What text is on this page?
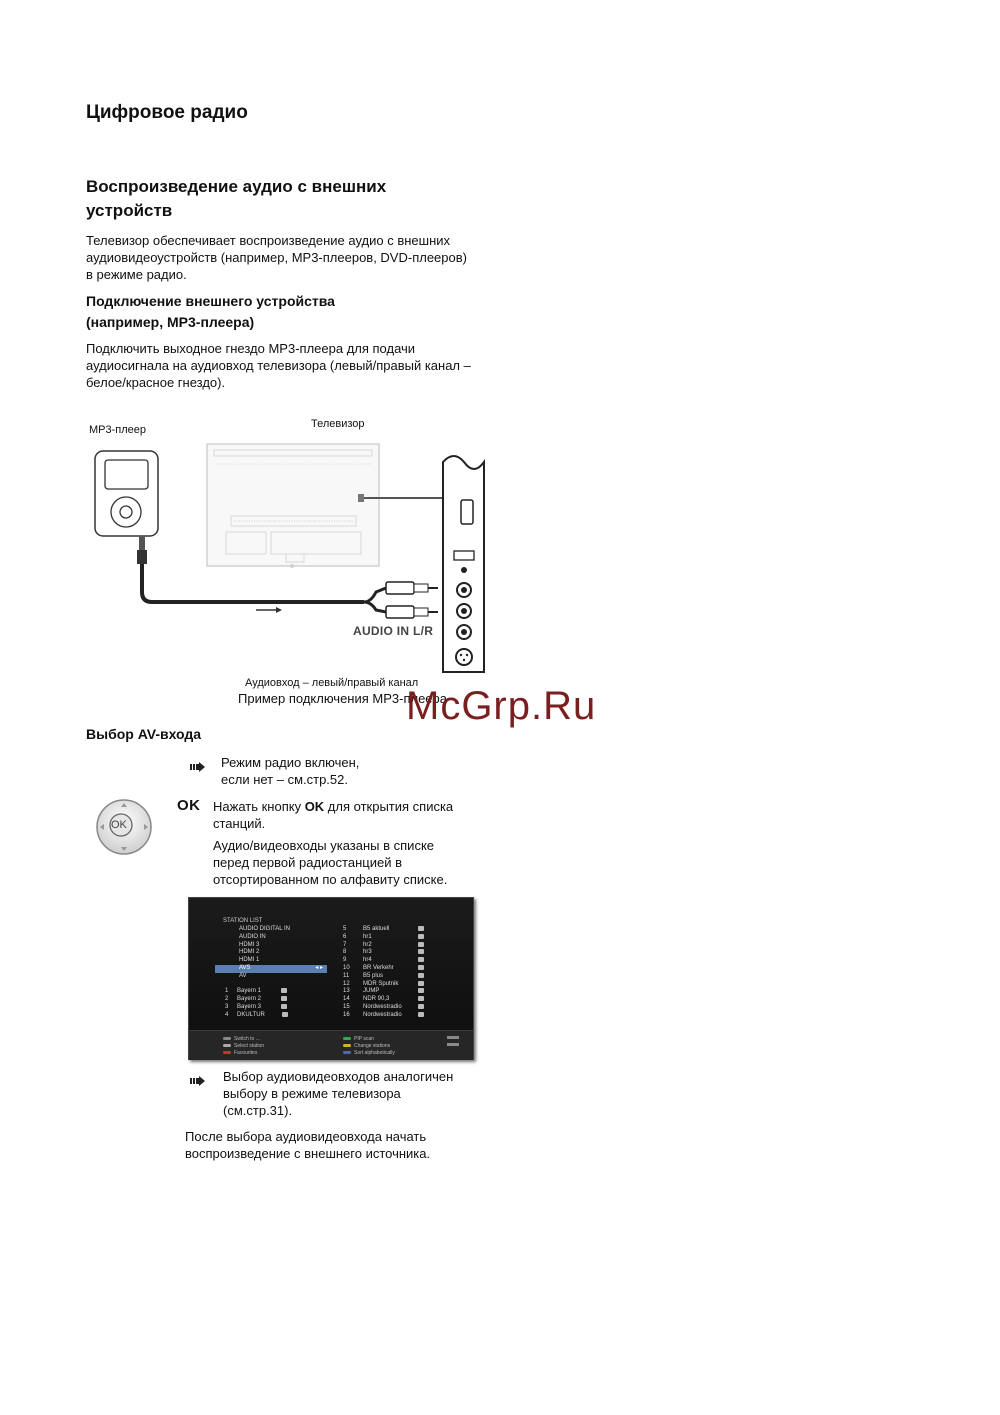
Цифровое радио
Воспроизведение аудио с внешних
устройств
Телевизор обеспечивает воспроизведение аудио с внешних
аудиовидеоустройств (например, МР3-плееров, DVD-плееров)
в режиме радио.
Подключение внешнего устройства
(например, МР3-плеера)
Подключить выходное гнездо МР3-плеера для подачи
аудиосигнала на аудиовход телевизора (левый/правый канал –
белое/красное гнездо).
МР3-плеер	Телевизор
AUDIO IN L/R
Аудиовход – левый/правый канал
Пример подключения МР3-плеера
McGrp.Ru
Выбор AV-входа
Режим радио включен,
если нет – см.стр.52.
OK
OK Нажать кнопку OK для открытия списка
станций.
Аудио/видеовходы указаны в списке
перед первой радиостанцией в
отсортированном по алфавиту списке.
STATION LIST
AUDIO DIGITAL IN
AUDIO IN
HDMI 3
HDMI 2
HDMI 1
AVS	◂ ▸
AV
1 Bayern 1
2 Bayern 2
3 Bayern 3
4 DKULTUR
5	B5 aktuell
6	hr1
7	hr2
8	hr3
9	hr4
10 BR Verkehr
11 B5 plus
12 MDR Sputnik
13 JUMP
14 NDR 90,3
15 Nordwestradio
16 Nordwestradio
Switch to ...
Select station
Favourites
PIP scan
Change stations
Sort alphabetically
Выбор аудиовидеовходов аналогичен
выбору в режиме телевизора
(см.стр.31).
После выбора аудиовидеовхода начать
воспроизведение с внешнего источника.
